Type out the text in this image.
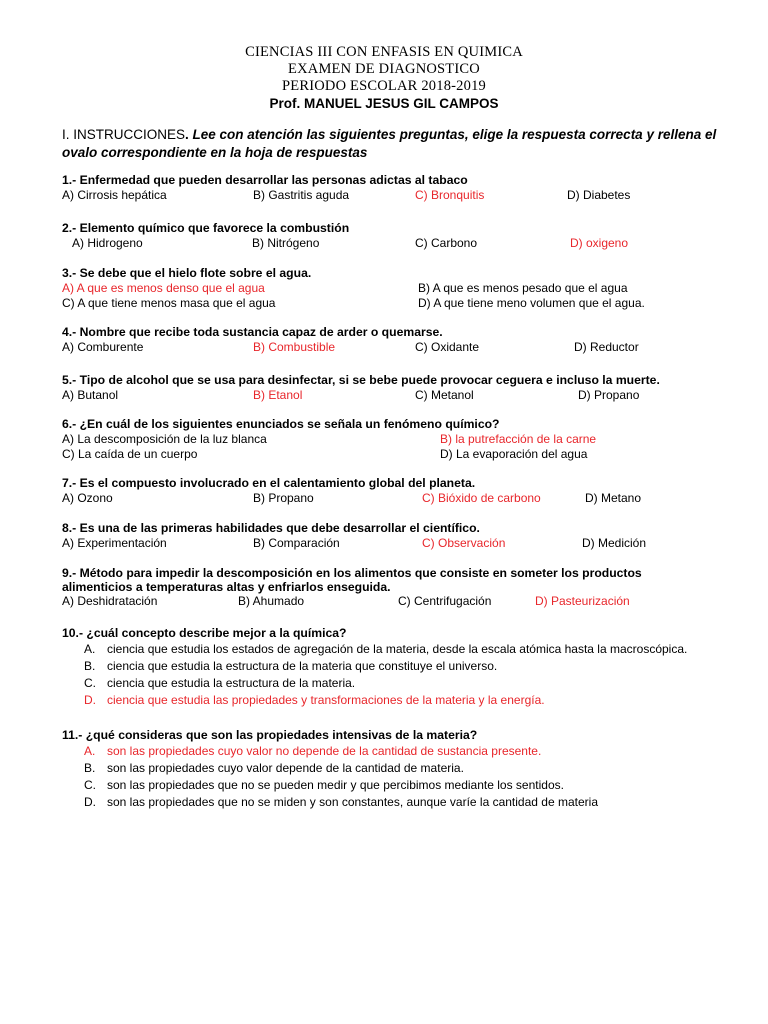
CIENCIAS III CON ENFASIS EN QUIMICA
EXAMEN DE DIAGNOSTICO
PERIODO ESCOLAR 2018-2019
Prof. MANUEL JESUS GIL CAMPOS
I. INSTRUCCIONES. Lee con atención las siguientes preguntas, elige la respuesta correcta y rellena el ovalo correspondiente en la hoja de respuestas
1.- Enfermedad que pueden desarrollar las personas adictas al tabaco
A) Cirrosis hepática	B) Gastritis aguda	C) Bronquitis	D) Diabetes
2.- Elemento químico que favorece la combustión
A) Hidrogeno	B) Nitrógeno	C) Carbono	D) oxigeno
3.- Se debe que el hielo flote sobre el agua.
A) A que es menos denso que el agua	B) A que es menos pesado que el agua
C) A que tiene menos masa que el agua	D) A que tiene meno volumen que el agua.
4.- Nombre que recibe toda sustancia capaz de arder o quemarse.
A) Comburente	B) Combustible	C) Oxidante	D) Reductor
5.- Tipo de alcohol que se usa para desinfectar, si se bebe puede provocar ceguera e incluso la muerte.
A) Butanol	B) Etanol	C) Metanol	D) Propano
6.- ¿En cuál de los siguientes enunciados se señala un fenómeno químico?
A) La descomposición de la luz blanca	B) la putrefacción de la carne
C) La caída de un cuerpo	D) La evaporación del agua
7.- Es el compuesto involucrado en el calentamiento global del planeta.
A) Ozono	B) Propano	C) Bióxido de carbono	D) Metano
8.- Es una de las primeras habilidades que debe desarrollar el científico.
A) Experimentación	B) Comparación	C) Observación	D) Medición
9.- Método para impedir la descomposición en los alimentos que consiste en someter los productos alimenticios a temperaturas altas y enfriarlos enseguida.
A) Deshidratación	B) Ahumado	C) Centrifugación	D) Pasteurización
10.- ¿cuál concepto describe mejor a la química?
A. ciencia que estudia los estados de agregación de la materia, desde la escala atómica hasta la macroscópica.
B. ciencia que estudia la estructura de la materia que constituye el universo.
C. ciencia que estudia la estructura de la materia.
D. ciencia que estudia las propiedades y transformaciones de la materia y la energía.
11.- ¿qué consideras que son las propiedades intensivas de la materia?
A. son las propiedades cuyo valor no depende de la cantidad de sustancia presente.
B. son las propiedades cuyo valor depende de la cantidad de materia.
C. son las propiedades que no se pueden medir y que percibimos mediante los sentidos.
D. son las propiedades que no se miden y son constantes, aunque varíe la cantidad de materia
